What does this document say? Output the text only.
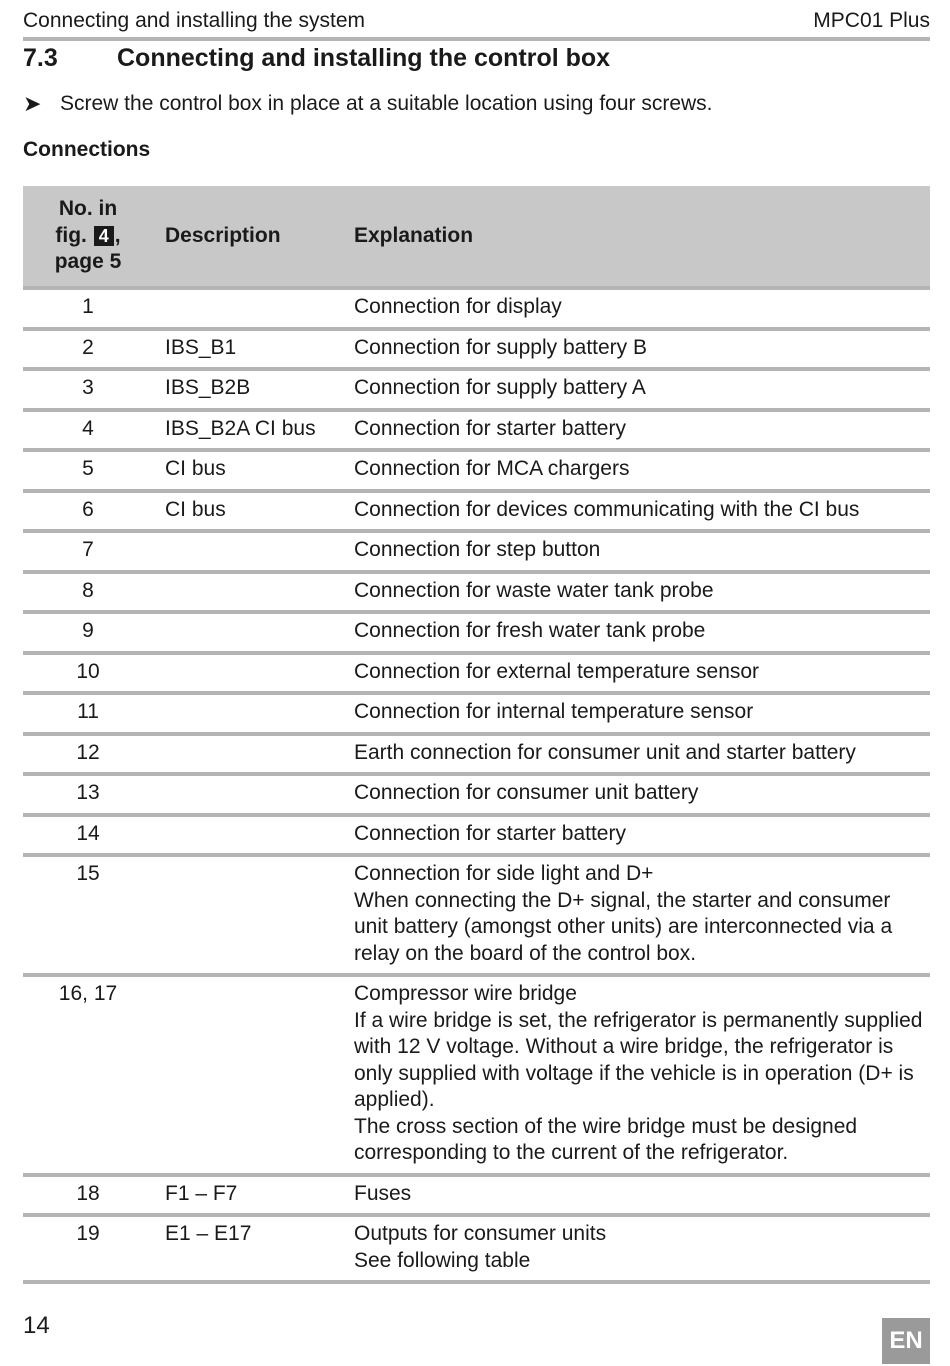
Connecting and installing the system	MPC01 Plus
7.3	Connecting and installing the control box
➤ Screw the control box in place at a suitable location using four screws.
Connections
No. in
fig. 4 ,
page 5	Description	Explanation
1		Connection for display

2	IBS_B1	Connection for supply battery B

3	IBS_B2B	Connection for supply battery A

4	IBS_B2A CI bus	Connection for starter battery

5	CI bus	Connection for MCA chargers

6	CI bus	Connection for devices communicating with the CI bus

7		Connection for step button

8		Connection for waste water tank probe

9		Connection for fresh water tank probe

10		Connection for external temperature sensor

11		Connection for internal temperature sensor

12		Earth connection for consumer unit and starter battery

13		Connection for consumer unit battery

14		Connection for starter battery

15		Connection for side light and D+
When connecting the D+ signal, the starter and consumer unit battery (amongst other units) are interconnected via a relay on the board of the control box.

16, 17		Compressor wire bridge
If a wire bridge is set, the refrigerator is permanently supplied with 12 V voltage. Without a wire bridge, the refrigerator is only supplied with voltage if the vehicle is in operation (D+ is applied).
The cross section of the wire bridge must be designed corresponding to the current of the refrigerator.

18	F1 – F7	Fuses

19	E1 – E17	Outputs for consumer units
See following table
14
EN
